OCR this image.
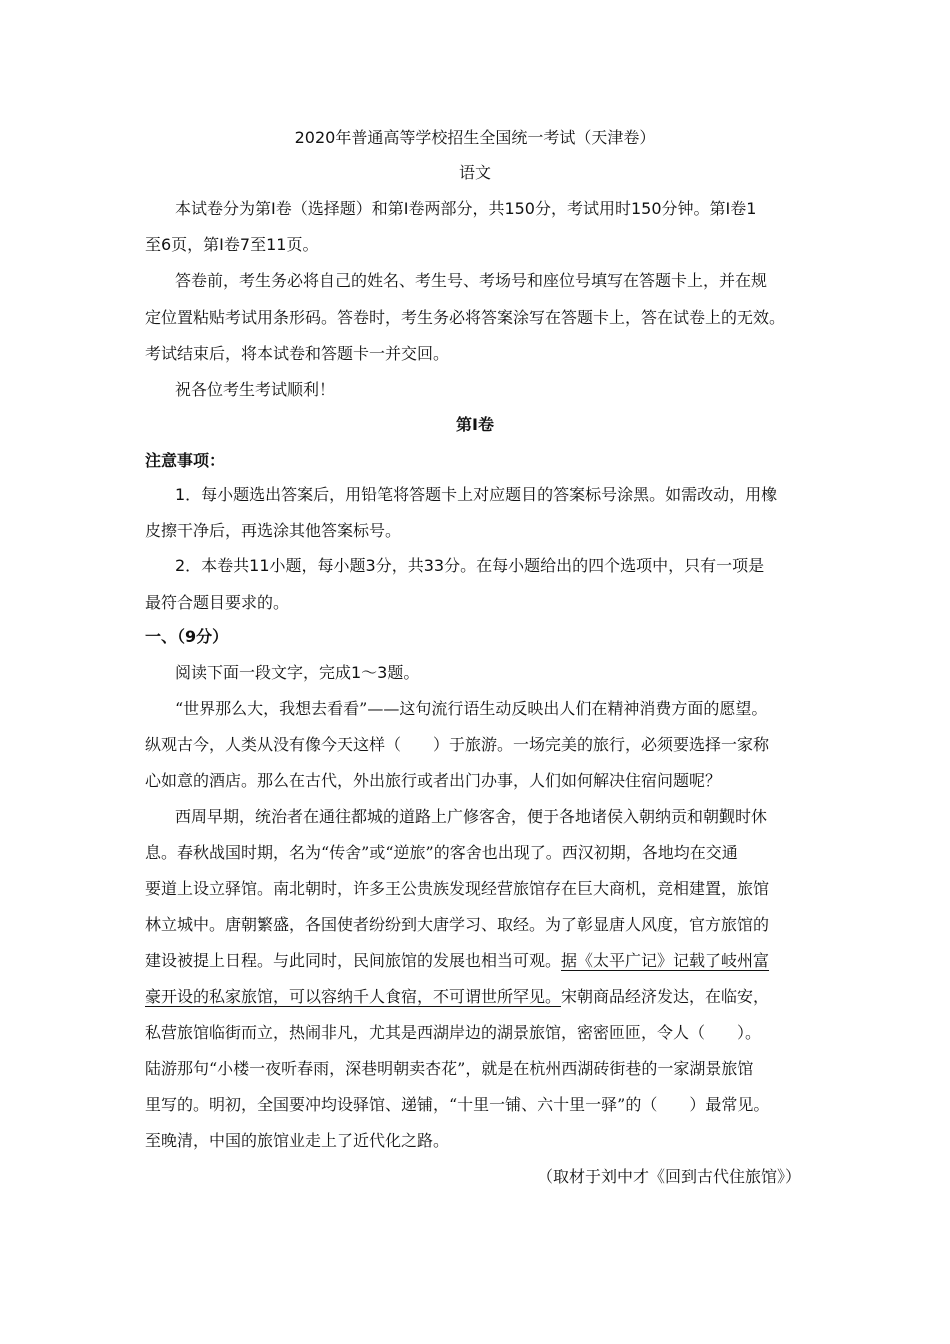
2020年普通高等学校招生全国统一考试（天津卷）
语文
本试卷分为第Ⅰ卷（选择题）和第Ⅰ卷两部分，共150分，考试用时150分钟。第Ⅰ卷1
至6页，第Ⅰ卷7至11页。
答卷前，考生务必将自己的姓名、考生号、考场号和座位号填写在答题卡上，并在规
定位置粘贴考试用条形码。答卷时，考生务必将答案涂写在答题卡上，答在试卷上的无效。
考试结束后，将本试卷和答题卡一并交回。
祝各位考生考试顺利！
第Ⅰ卷
注意事项：
1．每小题选出答案后，用铅笔将答题卡上对应题目的答案标号涂黑。如需改动，用橡
皮擦干净后，再选涂其他答案标号。
2．本卷共11小题，每小题3分，共33分。在每小题给出的四个选项中，只有一项是
最符合题目要求的。
一、（9分）
阅读下面一段文字，完成1～3题。
“世界那么大，我想去看看”——这句流行语生动反映出人们在精神消费方面的愿望。
纵观古今，人类从没有像今天这样（　　）于旅游。一场完美的旅行，必须要选择一家称
心如意的酒店。那么在古代，外出旅行或者出门办事，人们如何解决住宿问题呢？
西周早期，统治者在通往都城的道路上广修客舍，便于各地诸侯入朝纳贡和朝觐时休
息。春秋战国时期，名为“传舍”或“逆旅”的客舍也出现了。西汉初期，各地均在交通
要道上设立驿馆。南北朝时，许多王公贵族发现经营旅馆存在巨大商机，竞相建置，旅馆
林立城中。唐朝繁盛，各国使者纷纷到大唐学习、取经。为了彰显唐人风度，官方旅馆的
建设被提上日程。与此同时，民间旅馆的发展也相当可观。据《太平广记》记载了岐州富
豪开设的私家旅馆，可以容纳千人食宿，不可谓世所罕见。宋朝商品经济发达，在临安，
私营旅馆临街而立，热闹非凡，尤其是西湖岸边的湖景旅馆，密密匝匝，令人（　　）。
陆游那句“小楼一夜听春雨，深巷明朝卖杏花”，就是在杭州西湖砖街巷的一家湖景旅馆
里写的。明初，全国要冲均设驿馆、递铺，“十里一铺、六十里一驿”的（　　）最常见。
至晚清，中国的旅馆业走上了近代化之路。
（取材于刘中才《回到古代住旅馆》）
